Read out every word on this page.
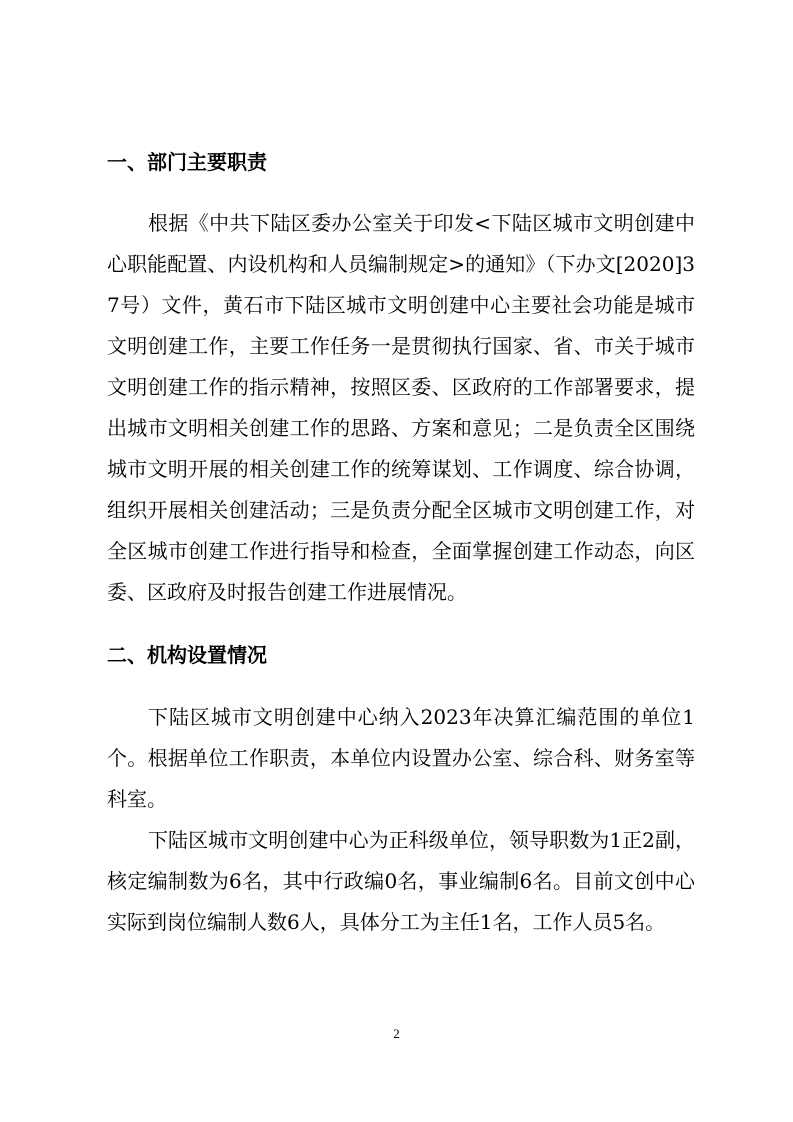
一、部门主要职责

根据《中共下陆区委办公室关于印发<下陆区城市文明创建中心职能配置、内设机构和人员编制规定>的通知》（下办文[2020]37号）文件，黄石市下陆区城市文明创建中心主要社会功能是城市文明创建工作，主要工作任务一是贯彻执行国家、省、市关于城市文明创建工作的指示精神，按照区委、区政府的工作部署要求，提出城市文明相关创建工作的思路、方案和意见；二是负责全区围绕城市文明开展的相关创建工作的统筹谋划、工作调度、综合协调，组织开展相关创建活动；三是负责分配全区城市文明创建工作，对全区城市创建工作进行指导和检查，全面掌握创建工作动态，向区委、区政府及时报告创建工作进展情况。

二、机构设置情况

下陆区城市文明创建中心纳入2023年决算汇编范围的单位1个。根据单位工作职责，本单位内设置办公室、综合科、财务室等科室。

下陆区城市文明创建中心为正科级单位，领导职数为1正2副，核定编制数为6名，其中行政编0名，事业编制6名。目前文创中心实际到岗位编制人数6人，具体分工为主任1名，工作人员5名。

2
